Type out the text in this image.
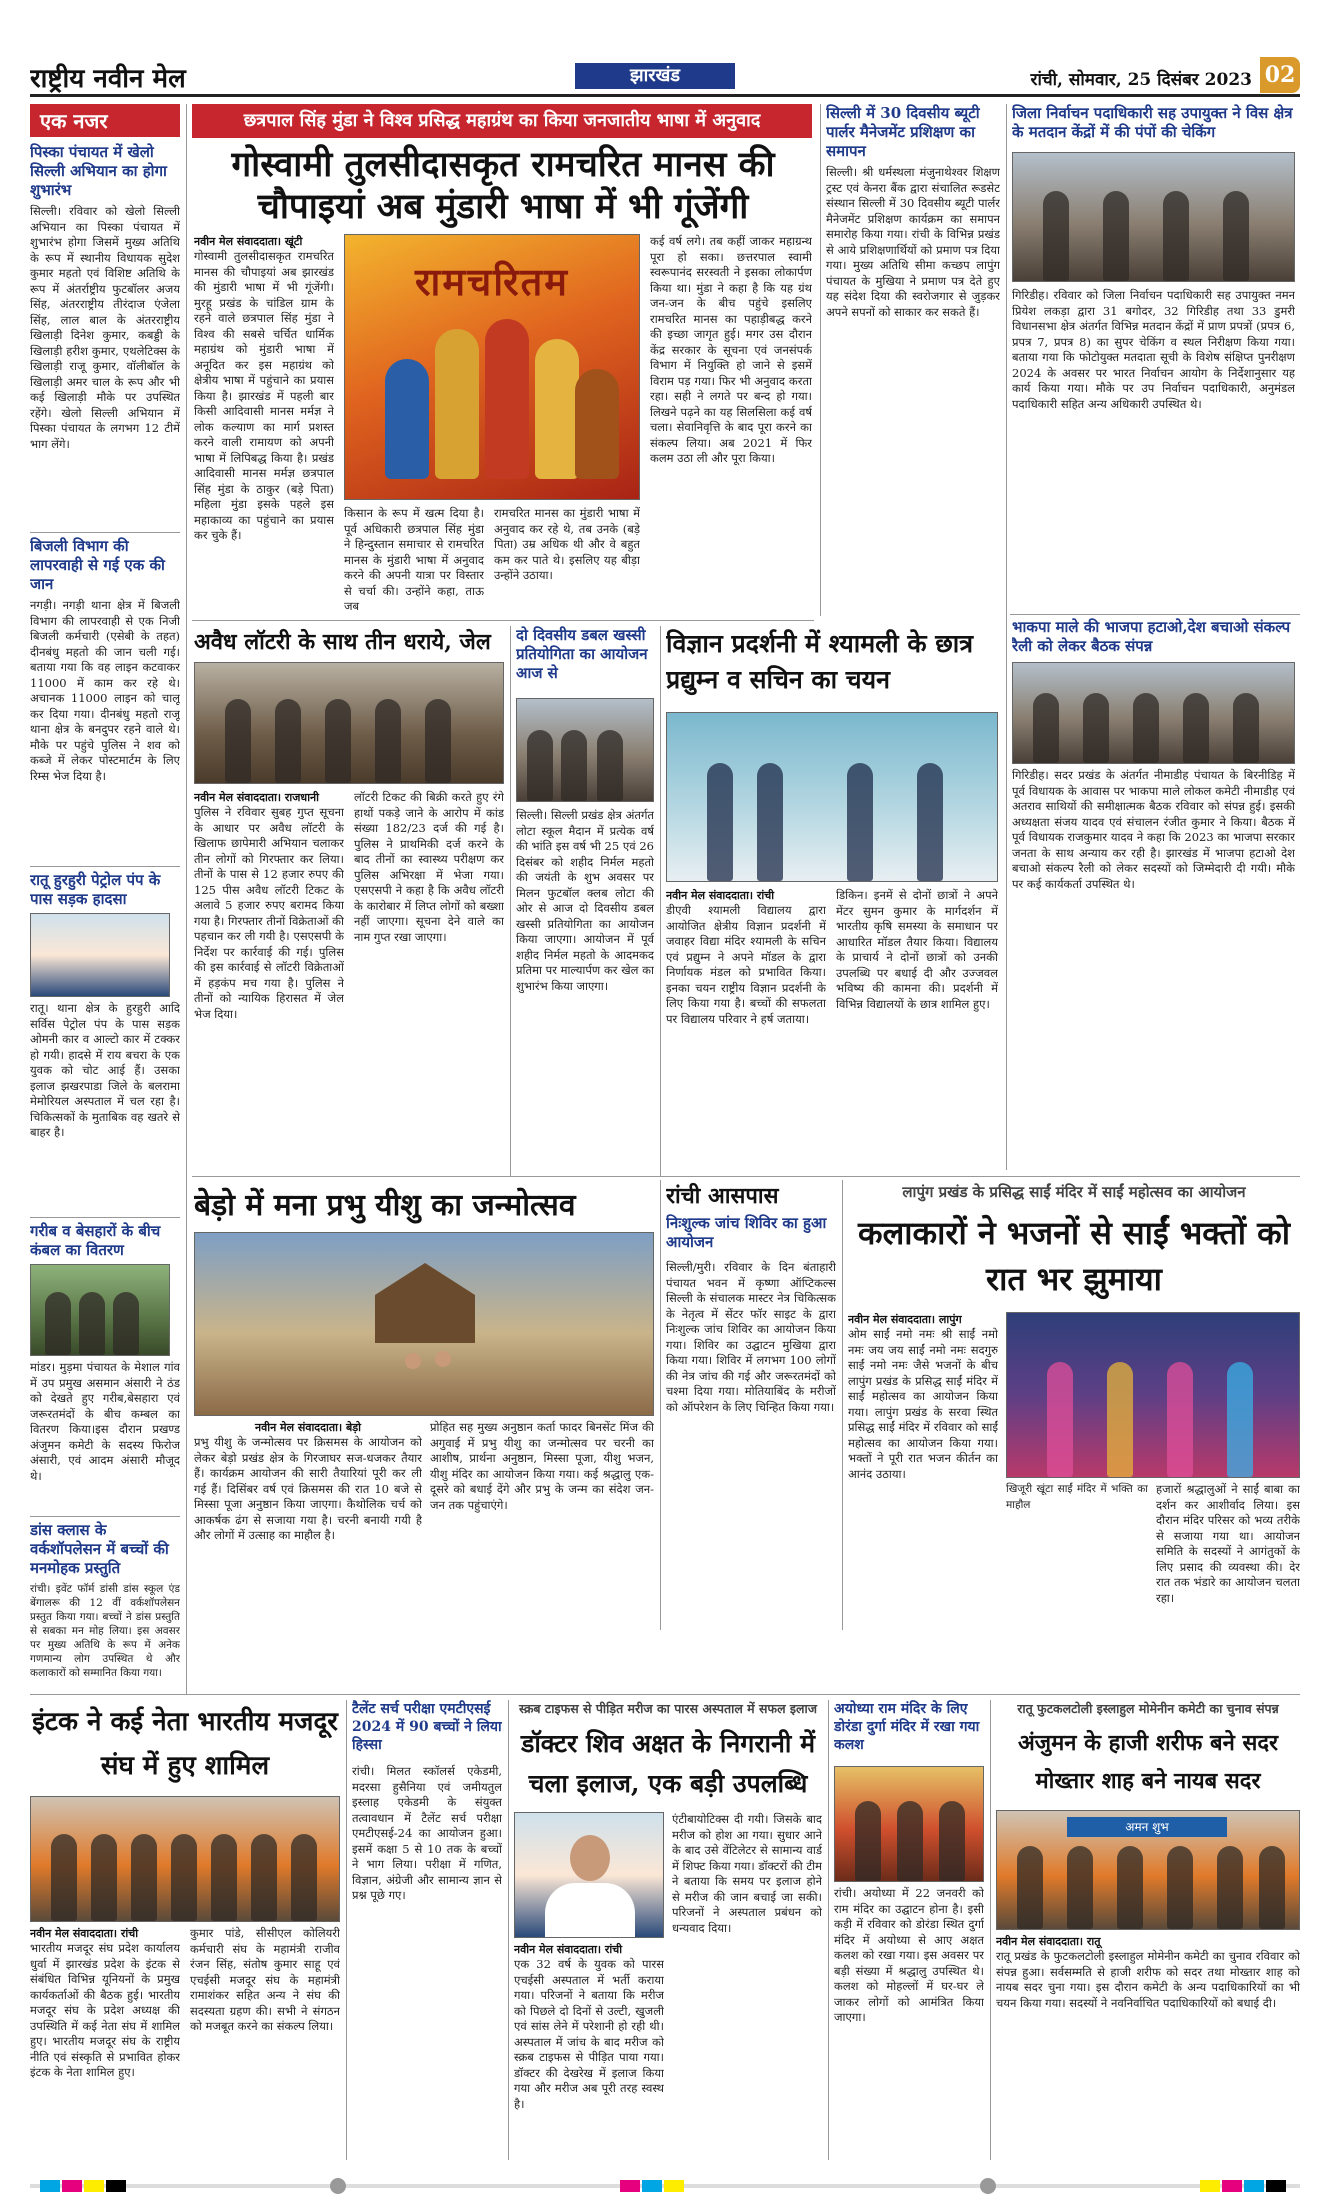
राष्ट्रीय नवीन मेल	झारखंड	रांची, सोमवार, 25 दिसंबर 2023 02
एक नजर
पिस्का पंचायत में खेलो सिल्ली अभियान का होगा शुभारंभ
सिल्ली। रविवार को खेलो सिल्ली अभियान का पिस्का पंचायत में शुभारंभ होगा जिसमें मुख्य अतिथि के रूप में स्थानीय विधायक सुदेश कुमार महतो एवं विशिष्ट अतिथि के रूप में अंतर्राष्ट्रीय फुटबॉलर अजय सिंह, अंतरराष्ट्रीय तीरंदाज एंजेला सिंह, लाल बाल के अंतरराष्ट्रीय खिलाड़ी दिनेश कुमार, कबड्डी के खिलाड़ी हरीश कुमार, एथलेटिक्स के खिलाड़ी राजू कुमार, वॉलीबॉल के खिलाड़ी अमर चाल के रूप और भी कई खिलाड़ी मौके पर उपस्थित रहेंगे। खेलो सिल्ली अभियान में पिस्का पंचायत के लगभग 12 टीमें भाग लेंगे।
बिजली विभाग की लापरवाही से गई एक की जान
नगड़ी। नगड़ी थाना क्षेत्र में बिजली विभाग की लापरवाही से एक निजी बिजली कर्मचारी (एसेबी के तहत) दीनबंधु महतो की जान चली गई। बताया गया कि वह लाइन कटवाकर 11000 में काम कर रहे थे। अचानक 11000 लाइन को चालू कर दिया गया। दीनबंधु महतो राजू थाना क्षेत्र के बनदुपर रहने वाले थे। मौके पर पहुंचे पुलिस ने शव को कब्जे में लेकर पोस्टमार्टम के लिए रिम्स भेज दिया है।
रातू हुरहुरी पेट्रोल पंप के पास सड़क हादसा
रातू। थाना क्षेत्र के हुरहुरी आदि सर्विस पेट्रोल पंप के पास सड़क ओमनी कार व आल्टो कार में टक्कर हो गयी। हादसे में राय बचरा के एक युवक को चोट आई हैं। उसका इलाज झखरपाडा जिले के बलरामा मेमोरियल अस्पताल में चल रहा है। चिकित्सकों के मुताबिक वह खतरे से बाहर है।
गरीब व बेसहारों के बीच कंबल का वितरण
मांडर। मुड़मा पंचायत के मेशाल गांव में उप प्रमुख असमान अंसारी ने ठंड को देखते हुए गरीब,बेसहारा एवं जरूरतमंदों के बीच कम्बल का वितरण किया।इस दौरान प्रखण्ड अंजुमन कमेटी के सदस्य फिरोज अंसारी, एवं आदम अंसारी मौजूद थे।
डांस क्लास के वर्कशॉपलेसन में बच्चों की मनमोहक प्रस्तुति
रांची। इवेंट फॉर्म डांसी डांस स्कूल एंड बेंगालरू की 12 वीं वर्कशॉपलेसन प्रस्तुत किया गया। बच्चों ने डांस प्रस्तुति से सबका मन मोह लिया। इस अवसर पर मुख्य अतिथि के रूप में अनेक गणमान्य लोग उपस्थित थे और कलाकारों को सम्मानित किया गया।
छत्रपाल सिंह मुंडा ने विश्व प्रसिद्ध महाग्रंथ का किया जनजातीय भाषा में अनुवाद
गोस्वामी तुलसीदासकृत रामचरित मानस की चौपाइयां अब मुंडारी भाषा में भी गूंजेंगी
नवीन मेल संवाददाता। खूंटी
गोस्वामी तुलसीदासकृत रामचरित मानस की चौपाइयां अब झारखंड की मुंडारी भाषा में भी गूंजेंगी। मुरहू प्रखंड के चांडिल ग्राम के रहने वाले छत्रपाल सिंह मुंडा ने विश्व की सबसे चर्चित धार्मिक महाग्रंथ को मुंडारी भाषा में अनूदित कर इस महाग्रंथ को क्षेत्रीय भाषा में पहुंचाने का प्रयास किया है। झारखंड में पहली बार किसी आदिवासी मानस मर्मज्ञ ने लोक कल्याण का मार्ग प्रशस्त करने वाली रामायण को अपनी भाषा में लिपिबद्ध किया है। प्रखंड आदिवासी मानस मर्मज्ञ छत्रपाल सिंह मुंडा के ठाकुर (बड़े पिता) महिला मुंडा इसके पहले इस महाकाव्य का पहुंचाने का प्रयास कर चुके हैं।
रामचरितम
किसान के रूप में खत्म दिया है। पूर्व अधिकारी छत्रपाल सिंह मुंडा ने हिन्दुस्तान समाचार से रामचरित मानस के मुंडारी भाषा में अनुवाद करने की अपनी यात्रा पर विस्तार से चर्चा की। उन्होंने कहा, ताऊ जब
रामचरित मानस का मुंडारी भाषा में अनुवाद कर रहे थे, तब उनके (बड़े पिता) उम्र अधिक थी और वे बहुत कम कर पाते थे। इसलिए यह बीड़ा उन्होंने उठाया।
कई वर्ष लगे। तब कहीं जाकर महाग्रन्थ पूरा हो सका। छत्तरपाल स्वामी स्वरूपानंद सरस्वती ने इसका लोकार्पण किया था। मुंडा ने कहा है कि यह ग्रंथ जन-जन के बीच पहुंचे इसलिए रामचरित मानस का पहाड़ीबद्ध करने की इच्छा जागृत हुई। मगर उस दौरान केंद्र सरकार के सूचना एवं जनसंपर्क विभाग में नियुक्ति हो जाने से इसमें विराम पड़ गया। फिर भी अनुवाद करता रहा। सही ने लगते पर बन्द हो गया। लिखने पढ़ने का यह सिलसिला कई वर्ष चला। सेवानिवृत्ति के बाद पूरा करने का संकल्प लिया। अब 2021 में फिर कलम उठा ली और पूरा किया।
अवैध लॉटरी के साथ तीन धराये, जेल
नवीन मेल संवाददाता। राजधानी
पुलिस ने रविवार सुबह गुप्त सूचना के आधार पर अवैध लॉटरी के खिलाफ छापेमारी अभियान चलाकर तीन लोगों को गिरफ्तार कर लिया। तीनों के पास से 12 हजार रुपए की 125 पीस अवैध लॉटरी टिकट के अलावे 5 हजार रुपए बरामद किया गया है। गिरफ्तार तीनों विक्रेताओं की पहचान कर ली गयी है। एसएसपी के निर्देश पर कार्रवाई की गई। पुलिस की इस कार्रवाई से लॉटरी विक्रेताओं में हड़कंप मच गया है। पुलिस ने तीनों को न्यायिक हिरासत में जेल भेज दिया।
लॉटरी टिकट की बिक्री करते हुए रंगे हाथों पकड़े जाने के आरोप में कांड संख्या 182/23 दर्ज की गई है। पुलिस ने प्राथमिकी दर्ज करने के बाद तीनों का स्वास्थ्य परीक्षण कर पुलिस अभिरक्षा में भेजा गया। एसएसपी ने कहा है कि अवैध लॉटरी के कारोबार में लिप्त लोगों को बख्शा नहीं जाएगा। सूचना देने वाले का नाम गुप्त रखा जाएगा।
दो दिवसीय डबल खस्सी प्रतियोगिता का आयोजन आज से
सिल्ली। सिल्ली प्रखंड क्षेत्र अंतर्गत लोटा स्कूल मैदान में प्रत्येक वर्ष की भांति इस वर्ष भी 25 एवं 26 दिसंबर को शहीद निर्मल महतो की जयंती के शुभ अवसर पर मिलन फुटबॉल क्लब लोटा की ओर से आज दो दिवसीय डबल खस्सी प्रतियोगिता का आयोजन किया जाएगा। आयोजन में पूर्व शहीद निर्मल महतो के आदमकद प्रतिमा पर माल्यार्पण कर खेल का शुभारंभ किया जाएगा।
विज्ञान प्रदर्शनी में श्यामली के छात्र प्रद्युम्न व सचिन का चयन
नवीन मेल संवाददाता। रांची
डीएवी श्यामली विद्यालय द्वारा आयोजित क्षेत्रीय विज्ञान प्रदर्शनी में जवाहर विद्या मंदिर श्यामली के सचिन एवं प्रद्युम्न ने अपने मॉडल के द्वारा निर्णायक मंडल को प्रभावित किया। इनका चयन राष्ट्रीय विज्ञान प्रदर्शनी के लिए किया गया है। बच्चों की सफलता पर विद्यालय परिवार ने हर्ष जताया।
डिकिन। इनमें से दोनों छात्रों ने अपने मेंटर सुमन कुमार के मार्गदर्शन में भारतीय कृषि समस्या के समाधान पर आधारित मॉडल तैयार किया। विद्यालय के प्राचार्य ने दोनों छात्रों को उनकी उपलब्धि पर बधाई दी और उज्जवल भविष्य की कामना की। प्रदर्शनी में विभिन्न विद्यालयों के छात्र शामिल हुए।
सिल्ली में 30 दिवसीय ब्यूटी पार्लर मैनेजमेंट प्रशिक्षण का समापन
सिल्ली। श्री धर्मस्थला मंजुनाथेश्वर शिक्षण ट्रस्ट एवं केनरा बैंक द्वारा संचालित रूडसेट संस्थान सिल्ली में 30 दिवसीय ब्यूटी पार्लर मैनेजमेंट प्रशिक्षण कार्यक्रम का समापन समारोह किया गया। रांची के विभिन्न प्रखंड से आये प्रशिक्षणार्थियों को प्रमाण पत्र दिया गया। मुख्य अतिथि सीमा कच्छप लापुंग पंचायत के मुखिया ने प्रमाण पत्र देते हुए यह संदेश दिया की स्वरोजगार से जुड़कर अपने सपनों को साकार कर सकते हैं।
जिला निर्वाचन पदाधिकारी सह उपायुक्त ने विस क्षेत्र के मतदान केंद्रों में की पंपों की चेकिंग
गिरिडीह। रविवार को जिला निर्वाचन पदाधिकारी सह उपायुक्त नमन प्रियेश लकड़ा द्वारा 31 बगोदर, 32 गिरिडीह तथा 33 डुमरी विधानसभा क्षेत्र अंतर्गत विभिन्न मतदान केंद्रों में प्राण प्रपत्रों (प्रपत्र 6, प्रपत्र 7, प्रपत्र 8) का सुपर चेकिंग व स्थल निरीक्षण किया गया। बताया गया कि फोटोयुक्त मतदाता सूची के विशेष संक्षिप्त पुनरीक्षण 2024 के अवसर पर भारत निर्वाचन आयोग के निर्देशानुसार यह कार्य किया गया। मौके पर उप निर्वाचन पदाधिकारी, अनुमंडल पदाधिकारी सहित अन्य अधिकारी उपस्थित थे।
भाकपा माले की भाजपा हटाओ,देश बचाओ संकल्प रैली को लेकर बैठक संपन्न
गिरिडीह। सदर प्रखंड के अंतर्गत नीमाडीह पंचायत के बिरनीडिह में पूर्व विधायक के आवास पर भाकपा माले लोकल कमेटी नीमाडीह एवं अतराव साथियों की समीक्षात्मक बैठक रविवार को संपन्न हुई। इसकी अध्यक्षता संजय यादव एवं संचालन रंजीत कुमार ने किया। बैठक में पूर्व विधायक राजकुमार यादव ने कहा कि 2023 का भाजपा सरकार जनता के साथ अन्याय कर रही है। झारखंड में भाजपा हटाओ देश बचाओ संकल्प रैली को लेकर सदस्यों को जिम्मेदारी दी गयी। मौके पर कई कार्यकर्ता उपस्थित थे।
बेड़ो में मना प्रभु यीशु का जन्मोत्सव
नवीन मेल संवाददाता। बेड़ो
प्रभु यीशु के जन्मोत्सव पर क्रिसमस के आयोजन को लेकर बेड़ो प्रखंड क्षेत्र के गिरजाघर सज-धजकर तैयार हैं। कार्यक्रम आयोजन की सारी तैयारियां पूरी कर ली गई हैं। दिसिंबर वर्ष एवं क्रिसमस की रात 10 बजे से मिस्सा पूजा अनुष्ठान किया जाएगा। कैथोलिक चर्च को आकर्षक ढंग से सजाया गया है। चरनी बनायी गयी है और लोगों में उत्साह का माहौल है।
प्रोहित सह मुख्य अनुष्ठान कर्ता फादर बिनसेंट मिंज की अगुवाई में प्रभु यीशु का जन्मोत्सव पर चरनी का आशीष, प्रार्थना अनुष्ठान, मिस्सा पूजा, यीशु भजन, यीशु मंदिर का आयोजन किया गया। कई श्रद्धालु एक-दूसरे को बधाई देंगे और प्रभु के जन्म का संदेश जन-जन तक पहुंचाएंगे।
रांची आसपास
निःशुल्क जांच शिविर का हुआ आयोजन
सिल्ली/मुरी। रविवार के दिन बंताहारी पंचायत भवन में कृष्णा ऑप्टिकल्स सिल्ली के संचालक मास्टर नेत्र चिकित्सक के नेतृत्व में सेंटर फॉर साइट के द्वारा निःशुल्क जांच शिविर का आयोजन किया गया। शिविर का उद्घाटन मुखिया द्वारा किया गया। शिविर में लगभग 100 लोगों की नेत्र जांच की गई और जरूरतमंदों को चश्मा दिया गया। मोतियाबिंद के मरीजों को ऑपरेशन के लिए चिन्हित किया गया।
लापुंग प्रखंड के प्रसिद्ध साईं मंदिर में साईं महोत्सव का आयोजन
कलाकारों ने भजनों से साईं भक्तों को रात भर झुमाया
नवीन मेल संवाददाता। लापुंग
ओम साईं नमो नमः श्री साईं नमो नमः जय जय साईं नमो नमः सदगुरु साईं नमो नमः जैसे भजनों के बीच लापुंग प्रखंड के प्रसिद्ध साईं मंदिर में साईं महोत्सव का आयोजन किया गया। लापुंग प्रखंड के सरवा स्थित प्रसिद्ध साईं मंदिर में रविवार को साईं महोत्सव का आयोजन किया गया। भक्तों ने पूरी रात भजन कीर्तन का आनंद उठाया।
खिजूरी खूंटा साईं मंदिर में भक्ति का माहौल
हजारों श्रद्धालुओं ने साईं बाबा का दर्शन कर आशीर्वाद लिया। इस दौरान मंदिर परिसर को भव्य तरीके से सजाया गया था। आयोजन समिति के सदस्यों ने आगंतुकों के लिए प्रसाद की व्यवस्था की। देर रात तक भंडारे का आयोजन चलता रहा।
इंटक ने कई नेता भारतीय मजदूर संघ में हुए शामिल
नवीन मेल संवाददाता। रांची
भारतीय मजदूर संघ प्रदेश कार्यालय धुर्वा में झारखंड प्रदेश के इंटक से संबंधित विभिन्न यूनियनों के प्रमुख कार्यकर्ताओं की बैठक हुई। भारतीय मजदूर संघ के प्रदेश अध्यक्ष की उपस्थिति में कई नेता संघ में शामिल हुए। भारतीय मजदूर संघ के राष्ट्रीय नीति एवं संस्कृति से प्रभावित होकर इंटक के नेता शामिल हुए।
कुमार पांडे, सीसीएल कोलियरी कर्मचारी संघ के महामंत्री राजीव रंजन सिंह, संतोष कुमार साहू एवं एचईसी मजदूर संघ के महामंत्री रामाशंकर सहित अन्य ने संघ की सदस्यता ग्रहण की। सभी ने संगठन को मजबूत करने का संकल्प लिया।
टैलेंट सर्च परीक्षा एमटीएसई 2024 में 90 बच्चों ने लिया हिस्सा
रांची। मिलत स्कॉलर्स एकेडमी, मदरसा हुसैनिया एवं जमीयतुल इस्लाह एकेडमी के संयुक्त तत्वावधान में टैलेंट सर्च परीक्षा एमटीएसई-24 का आयोजन हुआ। इसमें कक्षा 5 से 10 तक के बच्चों ने भाग लिया। परीक्षा में गणित, विज्ञान, अंग्रेजी और सामान्य ज्ञान से प्रश्न पूछे गए।
स्क्रब टाइफस से पीड़ित मरीज का पारस अस्पताल में सफल इलाज
डॉक्टर शिव अक्षत के निगरानी में चला इलाज, एक बड़ी उपलब्धि
नवीन मेल संवाददाता। रांची
एक 32 वर्ष के युवक को पारस एचईसी अस्पताल में भर्ती कराया गया। परिजनों ने बताया कि मरीज को पिछले दो दिनों से उल्टी, खुजली एवं सांस लेने में परेशानी हो रही थी। अस्पताल में जांच के बाद मरीज को स्क्रब टाइफस से पीड़ित पाया गया। डॉक्टर की देखरेख में इलाज किया गया और मरीज अब पूरी तरह स्वस्थ है।
एंटीबायोटिक्स दी गयी। जिसके बाद मरीज को होश आ गया। सुधार आने के बाद उसे वेंटिलेटर से सामान्य वार्ड में शिफ्ट किया गया। डॉक्टरों की टीम ने बताया कि समय पर इलाज होने से मरीज की जान बचाई जा सकी। परिजनों ने अस्पताल प्रबंधन को धन्यवाद दिया।
अयोध्या राम मंदिर के लिए डोरंडा दुर्गा मंदिर में रखा गया कलश
रांची। अयोध्या में 22 जनवरी को राम मंदिर का उद्घाटन होना है। इसी कड़ी में रविवार को डोरंडा स्थित दुर्गा मंदिर में अयोध्या से आए अक्षत कलश को रखा गया। इस अवसर पर बड़ी संख्या में श्रद्धालु उपस्थित थे। कलश को मोहल्लों में घर-घर ले जाकर लोगों को आमंत्रित किया जाएगा।
रातू फुटकलटोली इस्लाहुल मोमेनीन कमेटी का चुनाव संपन्न
अंजुमन के हाजी शरीफ बने सदर मोख्तार शाह बने नायब सदर
अमन शुभ
नवीन मेल संवाददाता। रातू
रातू प्रखंड के फुटकलटोली इस्लाहुल मोमेनीन कमेटी का चुनाव रविवार को संपन्न हुआ। सर्वसम्मति से हाजी शरीफ को सदर तथा मोख्तार शाह को नायब सदर चुना गया। इस दौरान कमेटी के अन्य पदाधिकारियों का भी चयन किया गया। सदस्यों ने नवनिर्वाचित पदाधिकारियों को बधाई दी।
